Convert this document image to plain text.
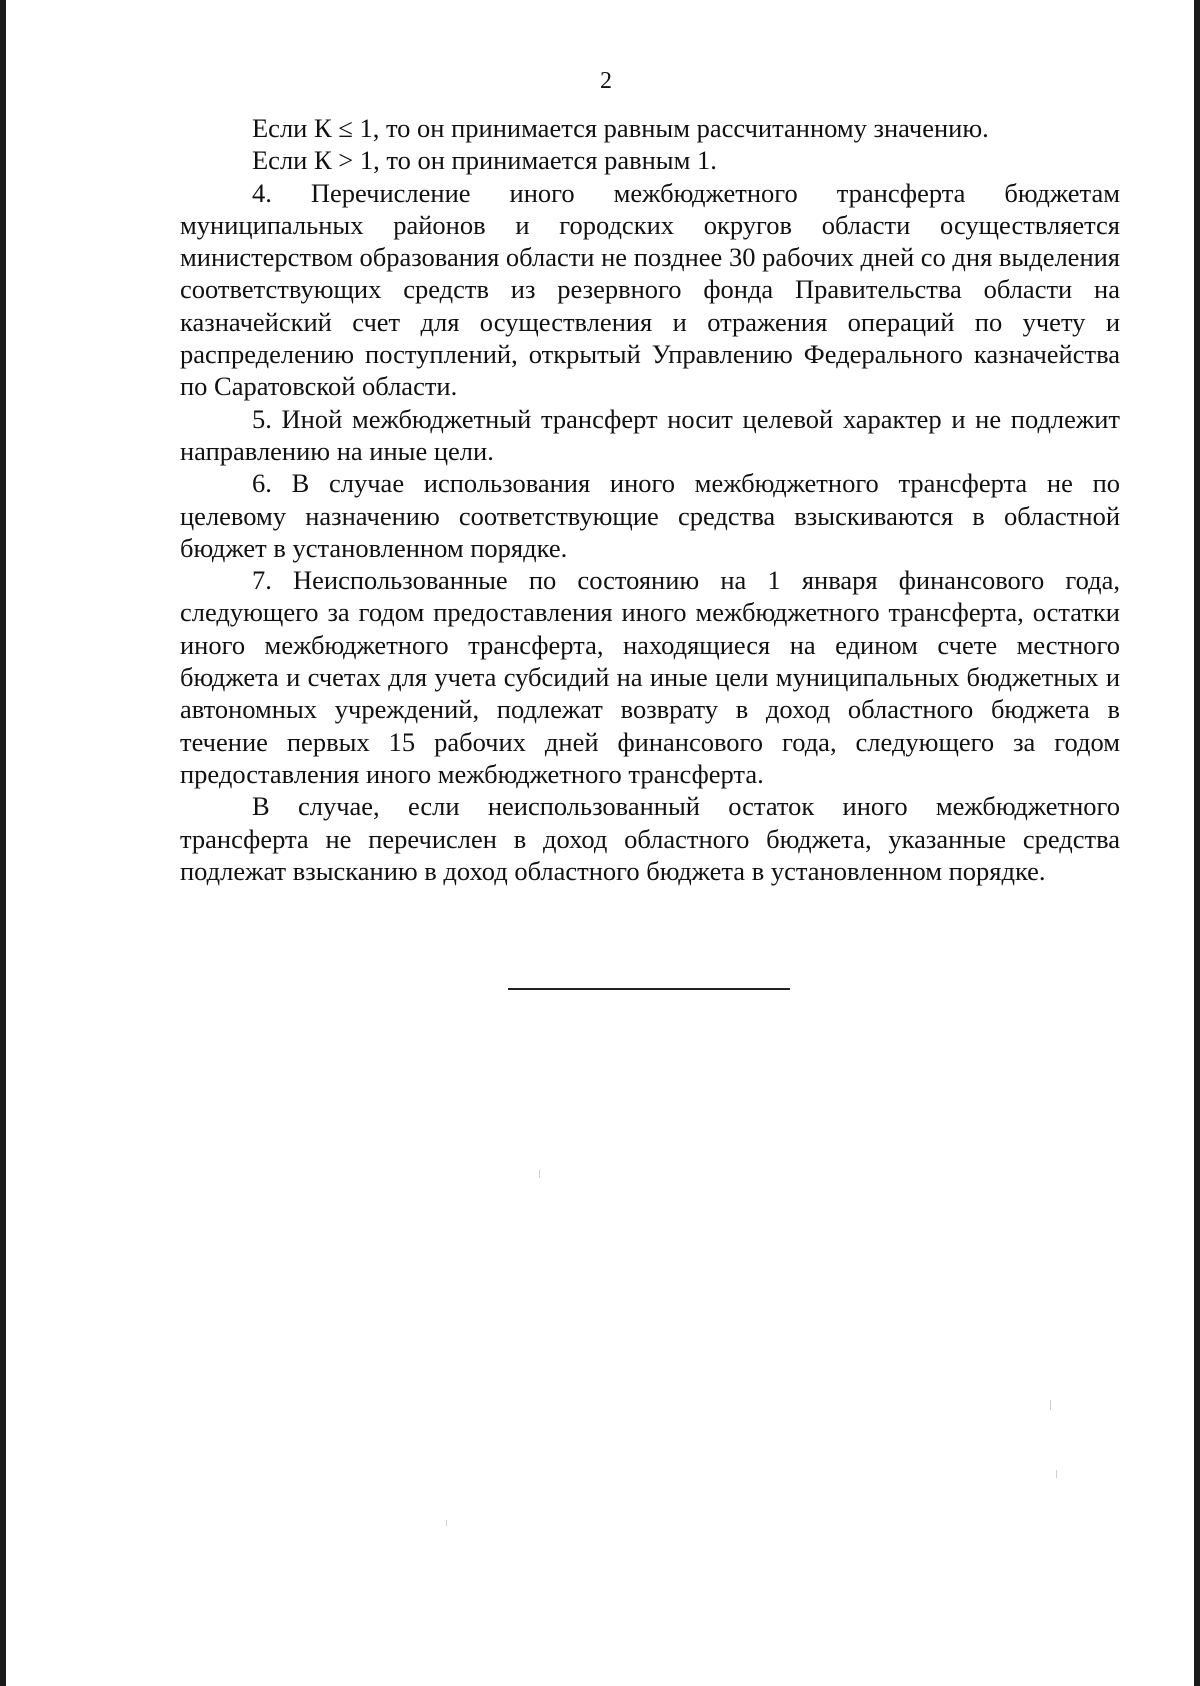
2

Если К ≤ 1, то он принимается равным рассчитанному значению.

Если К > 1, то он принимается равным 1.

4. Перечисление иного межбюджетного трансферта бюджетам муниципальных районов и городских округов области осуществляется министерством образования области не позднее 30 рабочих дней со дня выделения соответствующих средств из резервного фонда Правительства области на казначейский счет для осуществления и отражения операций по учету и распределению поступлений, открытый Управлению Федерального казначейства по Саратовской области.

5. Иной межбюджетный трансферт носит целевой характер и не подлежит направлению на иные цели.

6. В случае использования иного межбюджетного трансферта не по целевому назначению соответствующие средства взыскиваются в областной бюджет в установленном порядке.

7. Неиспользованные по состоянию на 1 января финансового года, следующего за годом предоставления иного межбюджетного трансферта, остатки иного межбюджетного трансферта, находящиеся на едином счете местного бюджета и счетах для учета субсидий на иные цели муниципальных бюджетных и автономных учреждений, подлежат возврату в доход областного бюджета в течение первых 15 рабочих дней финансового года, следующего за годом предоставления иного межбюджетного трансферта.

В случае, если неиспользованный остаток иного межбюджетного трансферта не перечислен в доход областного бюджета, указанные средства подлежат взысканию в доход областного бюджета в установленном порядке.
